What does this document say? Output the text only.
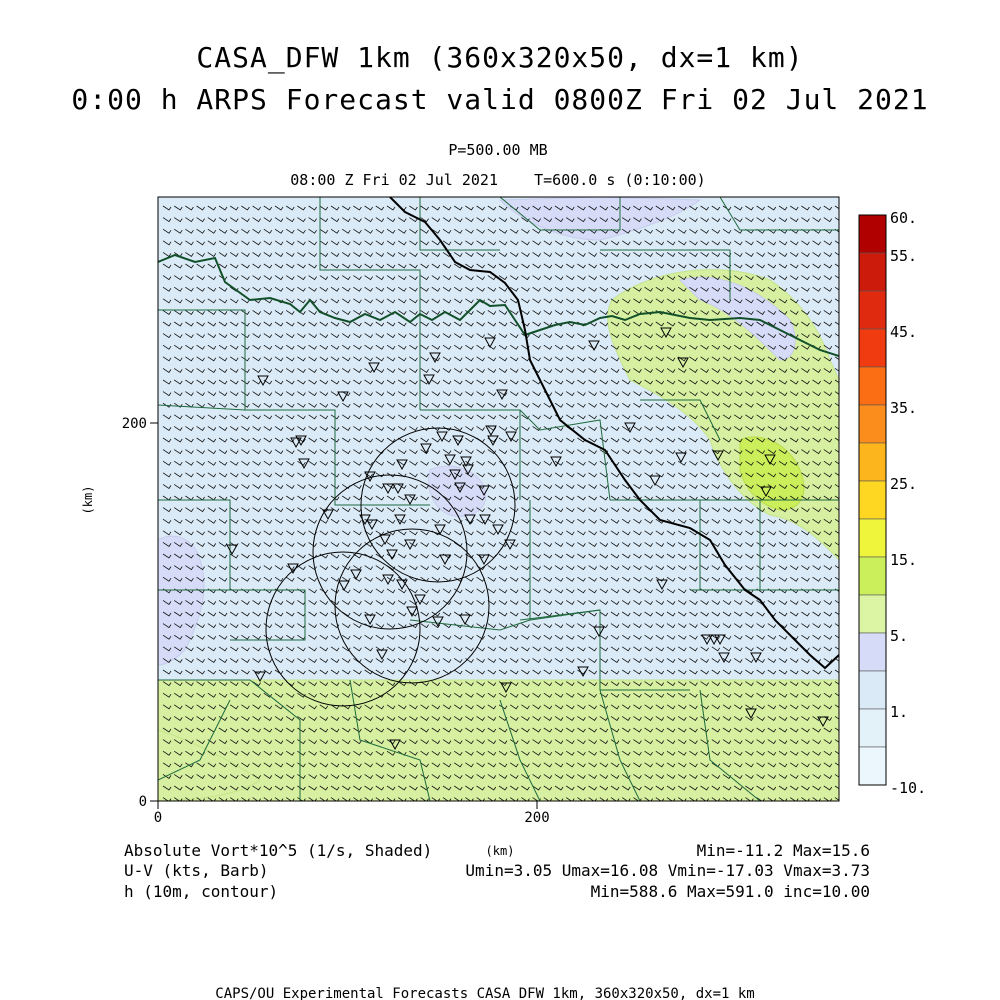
CASA_DFW 1km (360x320x50, dx=1 km)
0:00 h ARPS Forecast valid 0800Z Fri 02 Jul 2021
P=500.00 MB
08:00 Z Fri 02 Jul 2021    T=600.0 s (0:10:00)
0	200
0
200
(km)
(km)
Absolute Vort*10^5 (1/s, Shaded)
U-V (kts, Barb)
h (10m, contour)
Min=-11.2 Max=15.6
Umin=3.05 Umax=16.08 Vmin=-17.03 Vmax=3.73
Min=588.6 Max=591.0 inc=10.00
CAPS/OU Experimental Forecasts CASA DFW 1km, 360x320x50, dx=1 km
60.
55.
45.
35.
25.
15.
5.
1.
-10.
